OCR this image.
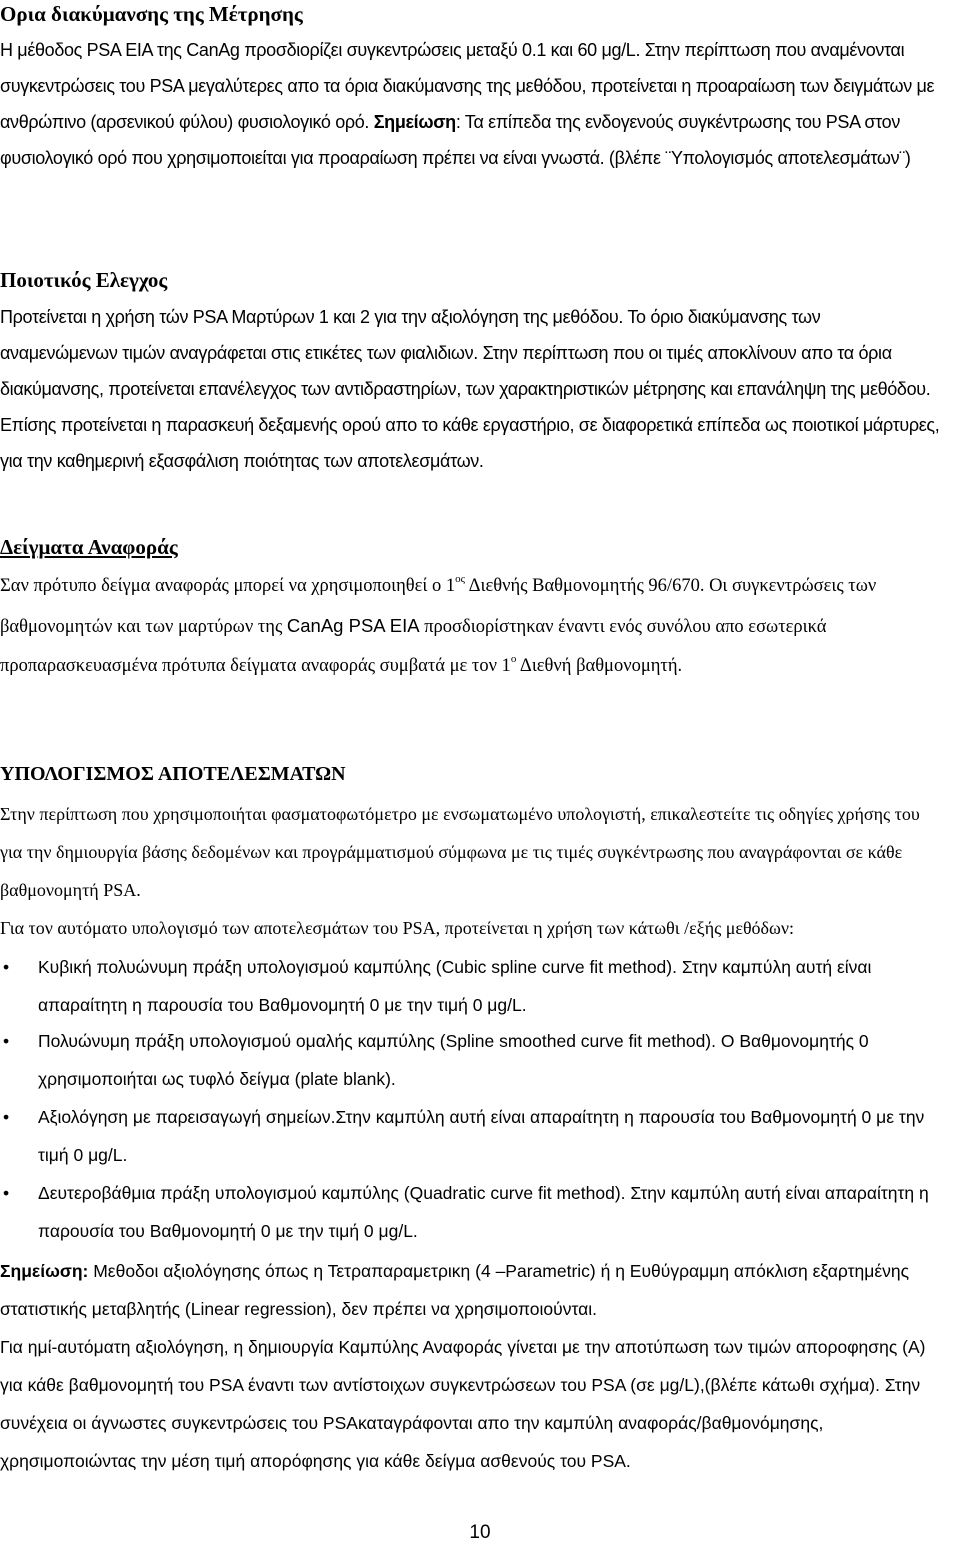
Ορια διακύμανσης της Μέτρησης
Η μέθοδος PSA EIA της CanAg προσδιορίζει συγκεντρώσεις μεταξύ 0.1 και 60 μg/L. Στην περίπτωση που αναμένονται συγκεντρώσεις του PSA μεγαλύτερες απο τα όρια διακύμανσης της μεθόδου, προτείνεται η προαραίωση των δειγμάτων με ανθρώπινο (αρσενικού φύλου) φυσιολογικό ορό. Σημείωση: Τα επίπεδα της ενδογενούς συγκέντρωσης του PSA στον φυσιολογικό ορό που χρησιμοποιείται για προαραίωση πρέπει να είναι γνωστά. (βλέπε ¨Υπολογισμός αποτελεσμάτων¨)
Ποιοτικός Ελεγχος
Προτείνεται η χρήση τών PSA Μαρτύρων 1 και 2 για την αξιολόγηση της μεθόδου. Το όριο διακύμανσης των αναμενώμενων τιμών αναγράφεται στις ετικέτες των φιαλιδιων. Στην περίπτωση που οι τιμές αποκλίνουν απο τα όρια διακύμανσης, προτείνεται επανέλεγχος των αντιδραστηρίων, των χαρακτηριστικών μέτρησης και επανάληψη της μεθόδου. Επίσης προτείνεται η παρασκευή δεξαμενής ορού απο το κάθε εργαστήριο, σε διαφορετικά επίπεδα ως ποιοτικοί μάρτυρες, για την καθημερινή εξασφάλιση ποιότητας των αποτελεσμάτων.
Δείγματα Αναφοράς
Σαν πρότυπο δείγμα αναφοράς μπορεί να χρησιμοποιηθεί ο $1^{o\varsigma}$ Διεθνής Βαθμονομητής 96/670. Οι συγκεντρώσεις των βαθμονομητών και των μαρτύρων της CanAg PSA EIA προσδιορίστηκαν έναντι ενός συνόλου απο εσωτερικά προπαρασκευασμένα πρότυπα δείγματα αναφοράς συμβατά με τον $1^o$ Διεθνή βαθμονομητή.
ΥΠΟΛΟΓΙΣΜΟΣ ΑΠΟΤΕΛΕΣΜΑΤΩΝ
Στην περίπτωση που χρησιμοποιήται φασματοφωτόμετρο με ενσωματωμένο υπολογιστή, επικαλεστείτε τις οδηγίες χρήσης του για την δημιουργία βάσης δεδομένων και προγράμματισμού σύμφωνα με τις τιμές συγκέντρωσης που αναγράφονται σε κάθε βαθμονομητή PSA.
Για τον αυτόματο υπολογισμό των αποτελεσμάτων του PSA, προτείνεται η χρήση των κάτωθι /εξής μεθόδων:
• Κυβική πολυώνυμη πράξη υπολογισμού καμπύλης (Cubic spline curve fit method). Στην καμπύλη αυτή είναι απαραίτητη η παρουσία του Βαθμονομητή 0 με την τιμή 0 μg/L.
• Πολυώνυμη πράξη υπολογισμού ομαλής καμπύλης (Spline smoothed curve fit method). Ο Βαθμονομητής 0 χρησιμοποιήται ως τυφλό δείγμα (plate blank).
• Αξιολόγηση με παρεισαγωγή σημείων.Στην καμπύλη αυτή είναι απαραίτητη η παρουσία του Βαθμονομητή 0 με την τιμή 0 μg/L.
• Δευτεροβάθμια πράξη υπολογισμού καμπύλης (Quadratic curve fit method). Στην καμπύλη αυτή είναι απαραίτητη η παρουσία του Βαθμονομητή 0 με την τιμή 0 μg/L.
Σημείωση: Μεθοδοι αξιολόγησης όπως η Τετραπαραμετρικη (4 –Parametric) ή η Ευθύγραμμη απόκλιση εξαρτημένης στατιστικής μεταβλητής (Linear regression), δεν πρέπει να χρησιμοποιούνται.
Για ημί-αυτόματη αξιολόγηση, η δημιουργία Καμπύλης Αναφοράς γίνεται με την αποτύπωση των τιμών αποροφησης (A) για κάθε βαθμονομητή του PSA έναντι των αντίστοιχων συγκεντρώσεων του PSA (σε μg/L),(βλέπε κάτωθι σχήμα). Στην συνέχεια οι άγνωστες συγκεντρώσεις του PSAκαταγράφονται απο την καμπύλη αναφοράς/βαθμονόμησης, χρησιμοποιώντας την μέση τιμή απορόφησης για κάθε δείγμα ασθενούς του PSA.
10
